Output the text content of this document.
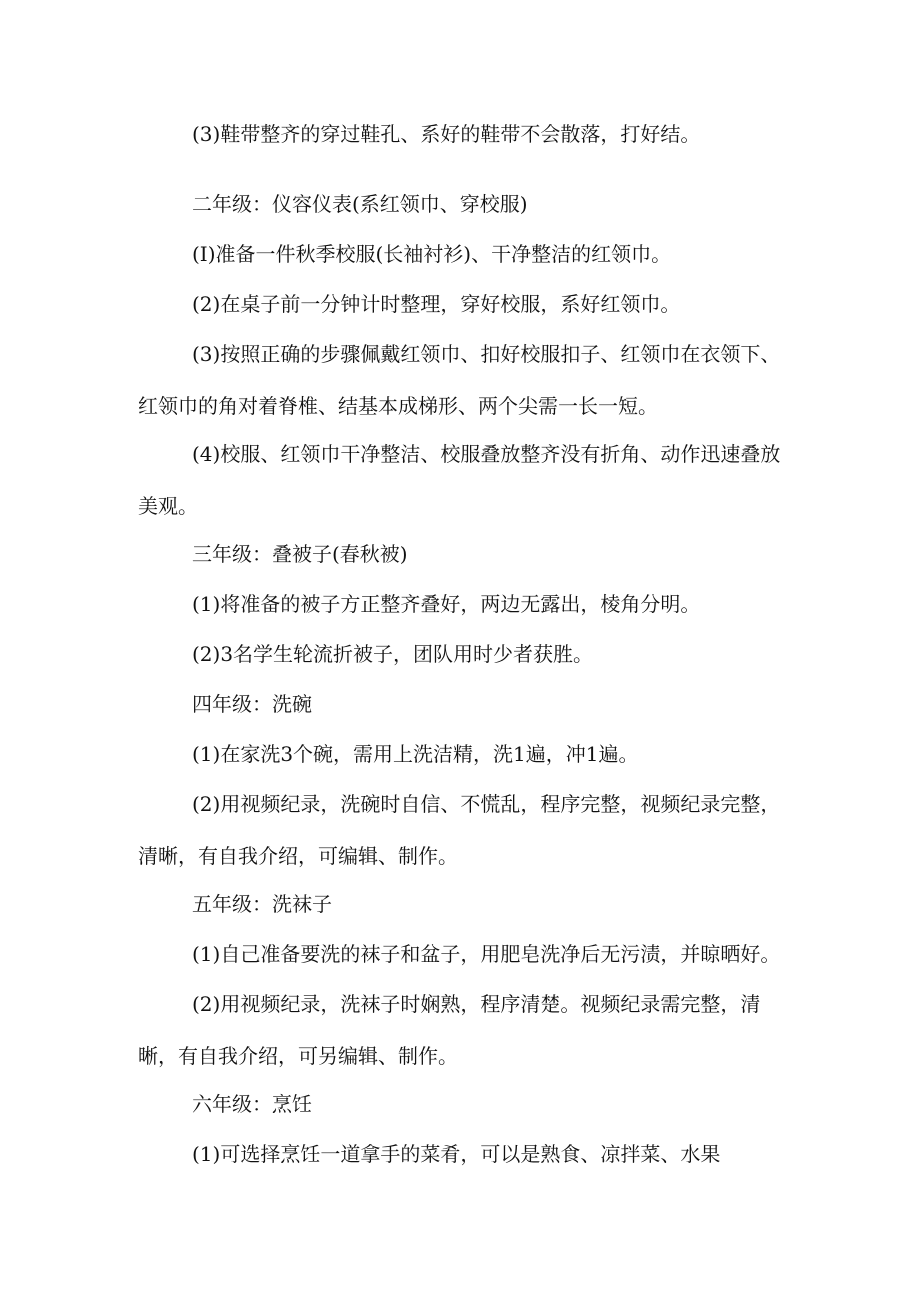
(3)鞋带整齐的穿过鞋孔、系好的鞋带不会散落，打好结。

二年级：仪容仪表(系红领巾、穿校服)

(I)准备一件秋季校服(长袖衬衫)、干净整洁的红领巾。

(2)在桌子前一分钟计时整理，穿好校服，系好红领巾。

(3)按照正确的步骤佩戴红领巾、扣好校服扣子、红领巾在衣领下、红领巾的角对着脊椎、结基本成梯形、两个尖需一长一短。

(4)校服、红领巾干净整洁、校服叠放整齐没有折角、动作迅速叠放美观。

三年级：叠被子(春秋被)

(1)将准备的被子方正整齐叠好，两边无露出，棱角分明。

(2)3名学生轮流折被子，团队用时少者获胜。

四年级：洗碗

(1)在家洗3个碗，需用上洗洁精，洗1遍，冲1遍。

(2)用视频纪录，洗碗时自信、不慌乱，程序完整，视频纪录完整，清晰，有自我介绍，可编辑、制作。

五年级：洗袜子

(1)自己准备要洗的袜子和盆子，用肥皂洗净后无污渍，并晾晒好。

(2)用视频纪录，洗袜子时娴熟，程序清楚。视频纪录需完整，清晰，有自我介绍，可另编辑、制作。

六年级：烹饪

(1)可选择烹饪一道拿手的菜肴，可以是熟食、凉拌菜、水果
